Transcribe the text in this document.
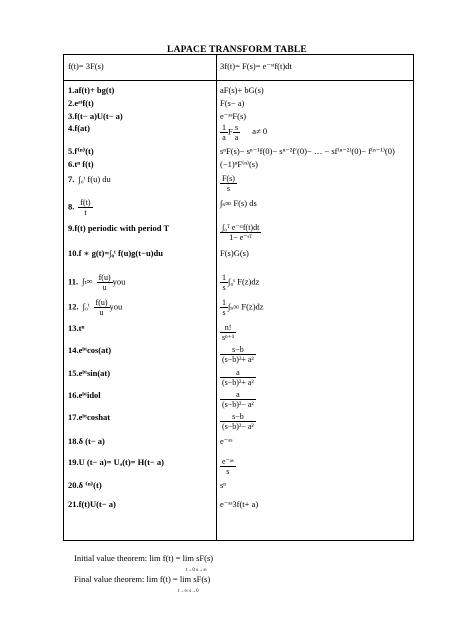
LAPACE TRANSFORM TABLE
f(t)= 3F(s)	3f(t)= F(s)= e⁻ˢᵗf(t)dt
1.af(t)+ bg(t)	aF(s)+ bG(s)
2.eᵃᵗf(t)	F(s− a)
3.f(t− a)U(t− a)	e⁻ᵃˢF(s)
4.f(at)	$\frac{1}{a}$ F $\frac{s}{a} a\ne 0$
5.f⁽ⁿ⁾(t)	sⁿF(s)− sⁿ⁻¹f(0)− sⁿ⁻²f′(0)− … − sf⁽ⁿ⁻²⁾(0)− f⁽ⁿ⁻¹⁾(0)
6.tⁿ f(t)	(−1)ⁿF⁽ⁿ⁾(s)
7. ∫₀ᵗ f(u) du	$\frac{F(s)}{s}$
8. $\frac{f(t)}{t}$	∫ₛ∞ F(s) ds
9.f(t) periodic with period T	$\frac{\text{∫₀ᵀ e⁻ˢᵗf(t)dt}}{\text{1− e⁻ˢᵀ}}$
10.f ∗ g(t)=∫₀ᵗ f(u)g(t−u)du	F(s)G(s)
11. $\int_t\infty \frac{f(u)}{u}$ you	$\frac{1}{s}$ ∫₀ˢ F(z)dz
12. ∫₀ᵗ $\frac{f(u)}{u}$ you	$\frac{1}{s} \int_s\infty$ F(z)dz
13.tⁿ	$\frac{n!}{\text{sⁿ⁺¹}}$
14.eᵇᵗcos(at)	$\frac{s-b}{\text{(s−b)²+ a²}}$
15.eᵇᵗsin(at)	$\frac{a}{\text{(s−b)²+ a²}}$
16.eᵇᵗidol	$\frac{a}{\text{(s−b)²− a²}}$
17.eᵇᵗcoshat	$\frac{s-b}{\text{(s−b)²− a²}}$
18.δ (t− a)	e⁻ᵃˢ
19.U (t− a)= Uₐ(t)= H(t− a)	$\frac{\text{e⁻ᵃˢ}}{s}$
20.δ ⁽ⁿ⁾(t)	sⁿ
21.f(t)U(t− a)	e⁻ᵃˢ3f(t+ a)
Initial value theorem: lim f(t) = lim sF(s)
t→0 s→∞
Final value theorem: lim f(t) = lim sF(s)
t→∞ s→0
